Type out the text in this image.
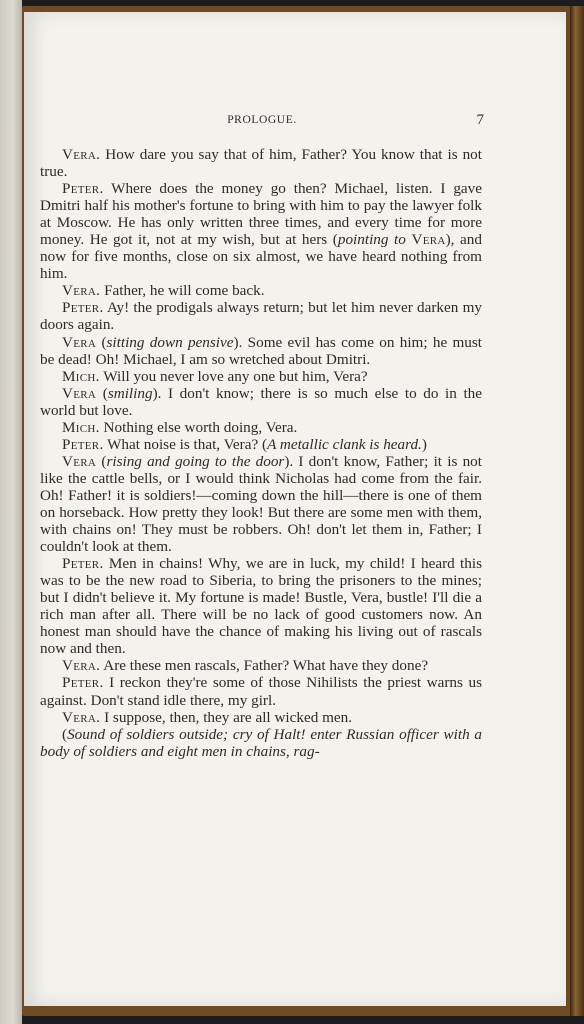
PROLOGUE.	7

Vera. How dare you say that of him, Father? You know that is not true.

Peter. Where does the money go then? Michael, listen. I gave Dmitri half his mother's fortune to bring with him to pay the lawyer folk at Moscow. He has only written three times, and every time for more money. He got it, not at my wish, but at hers (pointing to Vera), and now for five months, close on six almost, we have heard nothing from him.

Vera. Father, he will come back.

Peter. Ay! the prodigals always return; but let him never darken my doors again.

Vera (sitting down pensive). Some evil has come on him; he must be dead! Oh! Michael, I am so wretched about Dmitri.

Mich. Will you never love any one but him, Vera?

Vera (smiling). I don't know; there is so much else to do in the world but love.

Mich. Nothing else worth doing, Vera.

Peter. What noise is that, Vera? (A metallic clank is heard.)

Vera (rising and going to the door). I don't know, Father; it is not like the cattle bells, or I would think Nicholas had come from the fair. Oh! Father! it is soldiers!—coming down the hill—there is one of them on horseback. How pretty they look! But there are some men with them, with chains on! They must be robbers. Oh! don't let them in, Father; I couldn't look at them.

Peter. Men in chains! Why, we are in luck, my child! I heard this was to be the new road to Siberia, to bring the prisoners to the mines; but I didn't believe it. My fortune is made! Bustle, Vera, bustle! I'll die a rich man after all. There will be no lack of good customers now. An honest man should have the chance of making his living out of rascals now and then.

Vera. Are these men rascals, Father? What have they done?

Peter. I reckon they're some of those Nihilists the priest warns us against. Don't stand idle there, my girl.

Vera. I suppose, then, they are all wicked men.

(Sound of soldiers outside; cry of Halt! enter Russian officer with a body of soldiers and eight men in chains, rag-
